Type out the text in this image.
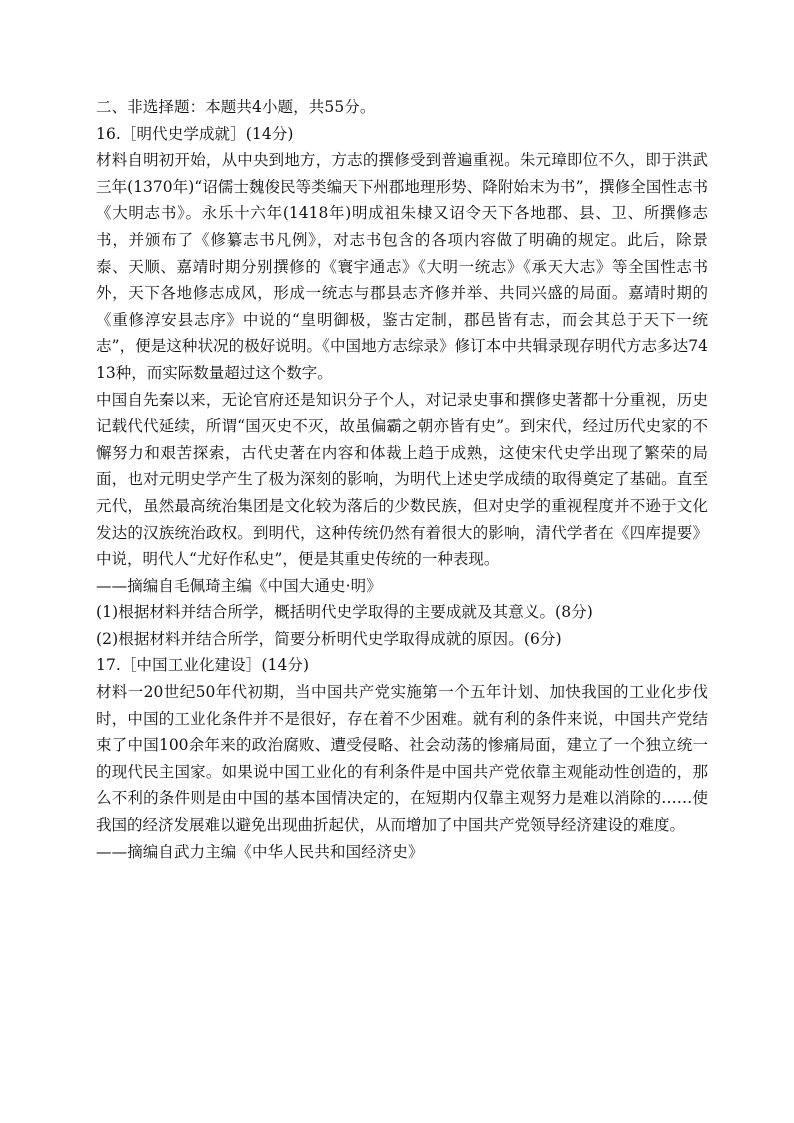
二、非选择题：本题共4小题，共55分。
16.［明代史学成就］(14分)

材料自明初开始，从中央到地方，方志的撰修受到普遍重视。朱元璋即位不久，即于洪武三年(1370年)“诏儒士魏俊民等类编天下州郡地理形势、降附始末为书”，撰修全国性志书《大明志书》。永乐十六年(1418年)明成祖朱棣又诏令天下各地郡、县、卫、所撰修志书，并颁布了《修纂志书凡例》，对志书包含的各项内容做了明确的规定。此后，除景泰、天顺、嘉靖时期分别撰修的《寰宇通志》《大明一统志》《承天大志》等全国性志书外，天下各地修志成风，形成一统志与郡县志齐修并举、共同兴盛的局面。嘉靖时期的《重修淳安县志序》中说的“皇明御极，鉴古定制，郡邑皆有志，而会其总于天下一统志”，便是这种状况的极好说明。《中国地方志综录》修订本中共辑录现存明代方志多达7413种，而实际数量超过这个数字。

中国自先秦以来，无论官府还是知识分子个人，对记录史事和撰修史著都十分重视，历史记载代代延续，所谓“国灭史不灭，故虽偏霸之朝亦皆有史”。到宋代，经过历代史家的不懈努力和艰苦探索，古代史著在内容和体裁上趋于成熟，这使宋代史学出现了繁荣的局面，也对元明史学产生了极为深刻的影响，为明代上述史学成绩的取得奠定了基础。直至元代，虽然最高统治集团是文化较为落后的少数民族，但对史学的重视程度并不逊于文化发达的汉族统治政权。到明代，这种传统仍然有着很大的影响，清代学者在《四库提要》中说，明代人“尤好作私史”，便是其重史传统的一种表现。

——摘编自毛佩琦主编《中国大通史·明》
(1)根据材料并结合所学，概括明代史学取得的主要成就及其意义。(8分)
(2)根据材料并结合所学，简要分析明代史学取得成就的原因。(6分)
17.［中国工业化建设］(14分)

材料一20世纪50年代初期，当中国共产党实施第一个五年计划、加快我国的工业化步伐时，中国的工业化条件并不是很好，存在着不少困难。就有利的条件来说，中国共产党结束了中国100余年来的政治腐败、遭受侵略、社会动荡的惨痛局面，建立了一个独立统一的现代民主国家。如果说中国工业化的有利条件是中国共产党依靠主观能动性创造的，那么不利的条件则是由中国的基本国情决定的，在短期内仅靠主观努力是难以消除的……使我国的经济发展难以避免出现曲折起伏，从而增加了中国共产党领导经济建设的难度。

——摘编自武力主编《中华人民共和国经济史》
